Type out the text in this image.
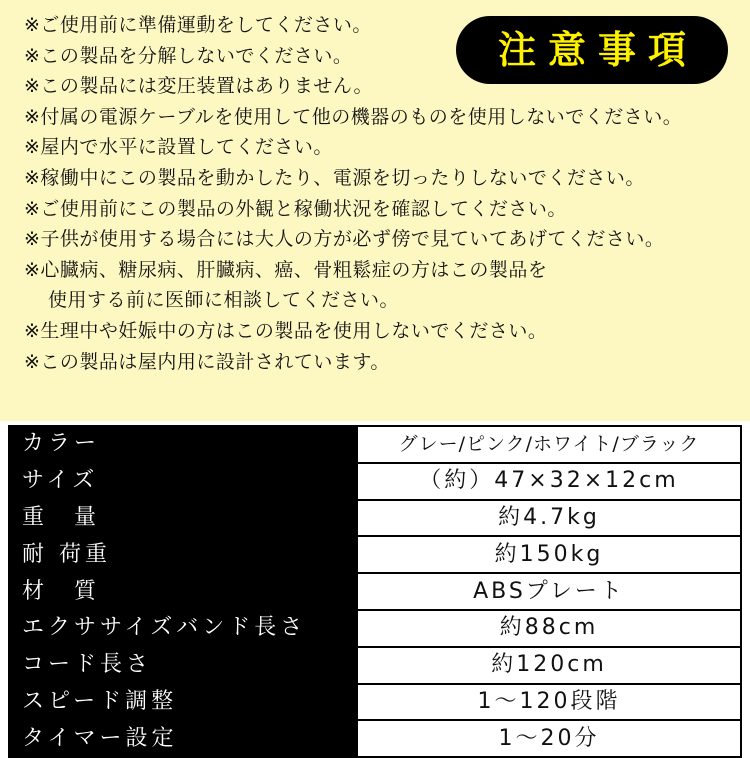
※ご使用前に準備運動をしてください。
※この製品を分解しないでください。
※この製品には変圧装置はありません。
※付属の電源ケーブルを使用して他の機器のものを使用しないでください。
※屋内で水平に設置してください。
※稼働中にこの製品を動かしたり、電源を切ったりしないでください。
※ご使用前にこの製品の外観と稼働状況を確認してください。
※子供が使用する場合には大人の方が必ず傍で見ていてあげてください。
※心臓病、糖尿病、肝臓病、癌、骨粗鬆症の方はこの製品を
使用する前に医師に相談してください。
※生理中や妊娠中の方はこの製品を使用しないでください。
※この製品は屋内用に設計されています。
注意事項
カラー	グレー/ピンク/ホワイト/ブラック
サイズ	（約）47×32×12cm
重　量	約4.7kg
耐 荷重	約150kg
材　質	ABSプレート
エクササイズバンド長さ	約88cm
コード長さ	約120cm
スピード調整	1～120段階
タイマー設定	1～20分
